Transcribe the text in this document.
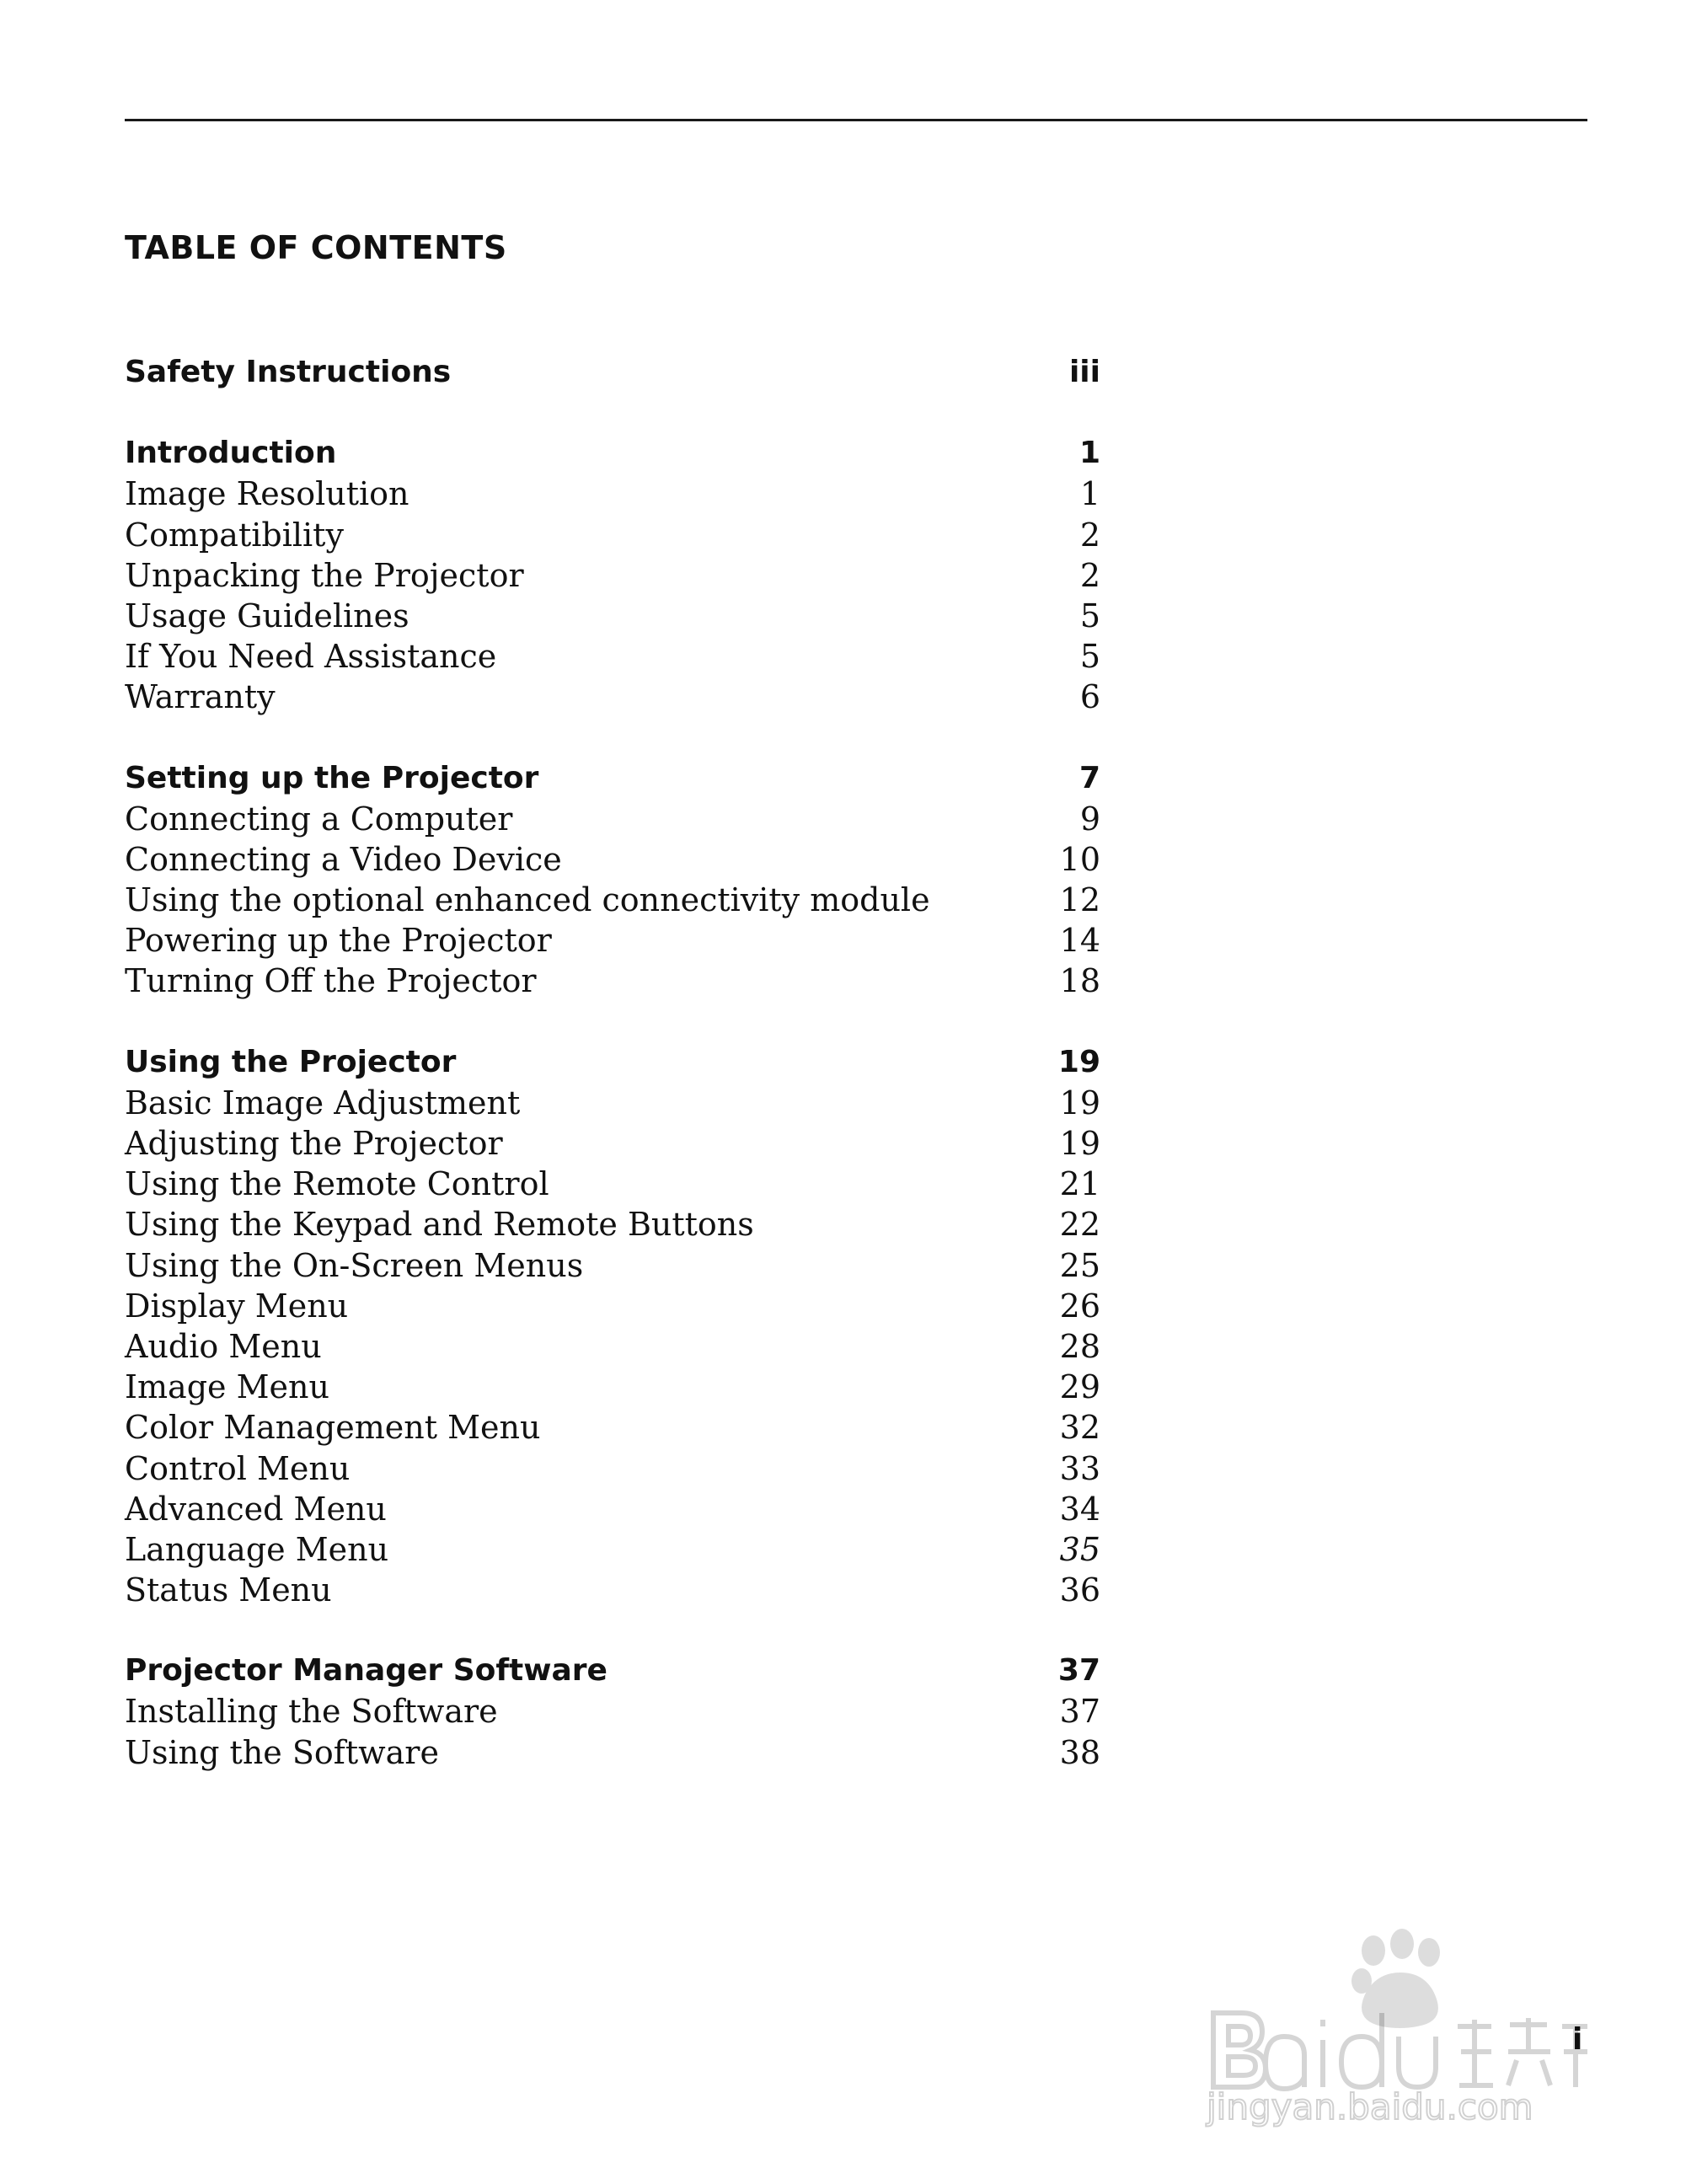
TABLE OF CONTENTS
Safety Instructions	iii
Introduction	1
Image Resolution	1
Compatibility	2
Unpacking the Projector	2
Usage Guidelines	5
If You Need Assistance	5
Warranty	6
Setting up the Projector	7
Connecting a Computer	9
Connecting a Video Device	10
Using the optional enhanced connectivity module	12
Powering up the Projector	14
Turning Off the Projector	18
Using the Projector	19
Basic Image Adjustment	19
Adjusting the Projector	19
Using the Remote Control	21
Using the Keypad and Remote Buttons	22
Using the On-Screen Menus	25
Display Menu	26
Audio Menu	28
Image Menu	29
Color Management Menu	32
Control Menu	33
Advanced Menu	34
Language Menu	35
Status Menu	36
Projector Manager Software	37
Installing the Software	37
Using the Software	38
i
jingyan.baidu.com
